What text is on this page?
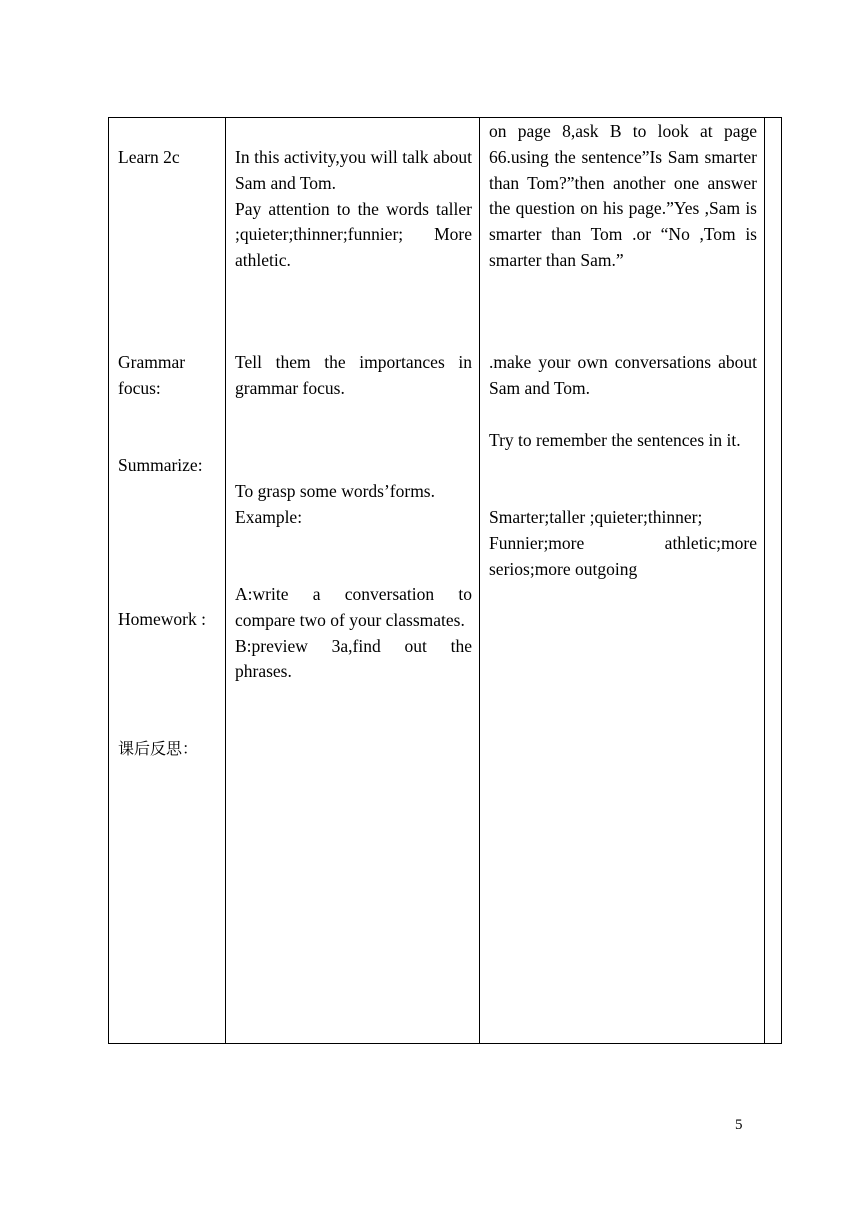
Learn 2c
Grammar
focus:
Summarize:
Homework :
课后反思：

In this activity,you will talk about Sam and Tom.

Pay attention to the words taller ;quieter;thinner;funnier; More athletic.

Tell them the importances in grammar focus.

To grasp some words’forms.
Example:

A:write a conversation to compare two of your classmates.

B:preview 3a,find out the phrases.

on page 8,ask B to look at page 66.using the sentence”Is Sam smarter than Tom?”then another one answer the question on his page.”Yes ,Sam is smarter than Tom .or “No ,Tom is smarter than Sam.”

.make your own conversations about Sam and Tom.

Try to remember the sentences in it.

Smarter;taller ;quieter;thinner;

Funnier;more athletic;more serios;more outgoing

5
